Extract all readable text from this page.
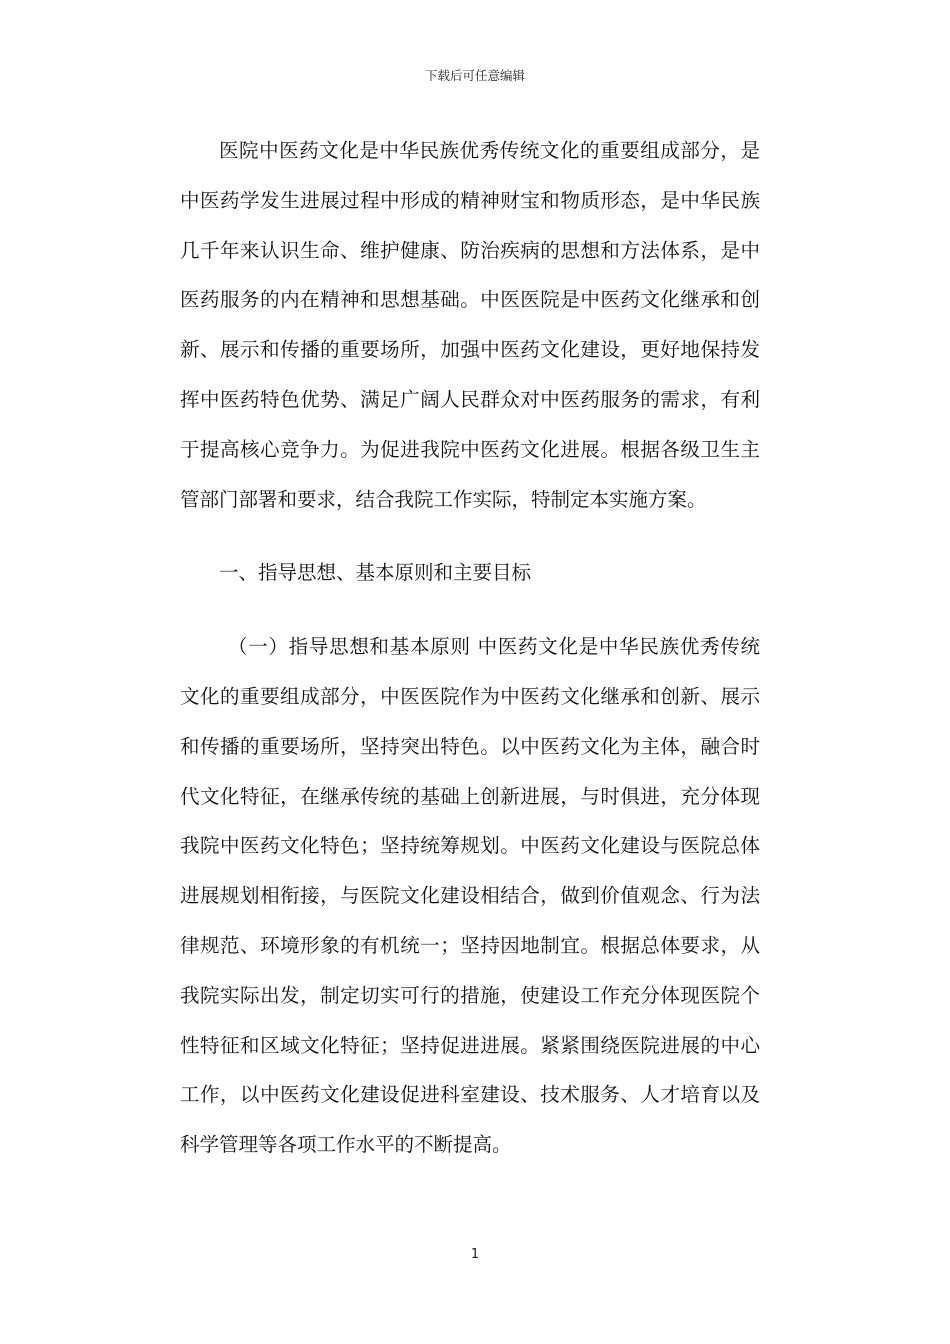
下载后可任意编辑

医院中医药文化是中华民族优秀传统文化的重要组成部分，是中医药学发生进展过程中形成的精神财宝和物质形态，是中华民族几千年来认识生命、维护健康、防治疾病的思想和方法体系，是中医药服务的内在精神和思想基础。中医医院是中医药文化继承和创新、展示和传播的重要场所，加强中医药文化建设，更好地保持发挥中医药特色优势、满足广阔人民群众对中医药服务的需求，有利于提高核心竞争力。为促进我院中医药文化进展。根据各级卫生主管部门部署和要求，结合我院工作实际，特制定本实施方案。

一、指导思想、基本原则和主要目标

（一）指导思想和基本原则 中医药文化是中华民族优秀传统文化的重要组成部分，中医医院作为中医药文化继承和创新、展示和传播的重要场所，坚持突出特色。以中医药文化为主体，融合时代文化特征，在继承传统的基础上创新进展，与时俱进，充分体现我院中医药文化特色；坚持统筹规划。中医药文化建设与医院总体进展规划相衔接，与医院文化建设相结合，做到价值观念、行为法律规范、环境形象的有机统一；坚持因地制宜。根据总体要求，从我院实际出发，制定切实可行的措施，使建设工作充分体现医院个性特征和区域文化特征；坚持促进进展。紧紧围绕医院进展的中心工作，以中医药文化建设促进科室建设、技术服务、人才培育以及科学管理等各项工作水平的不断提高。

1
